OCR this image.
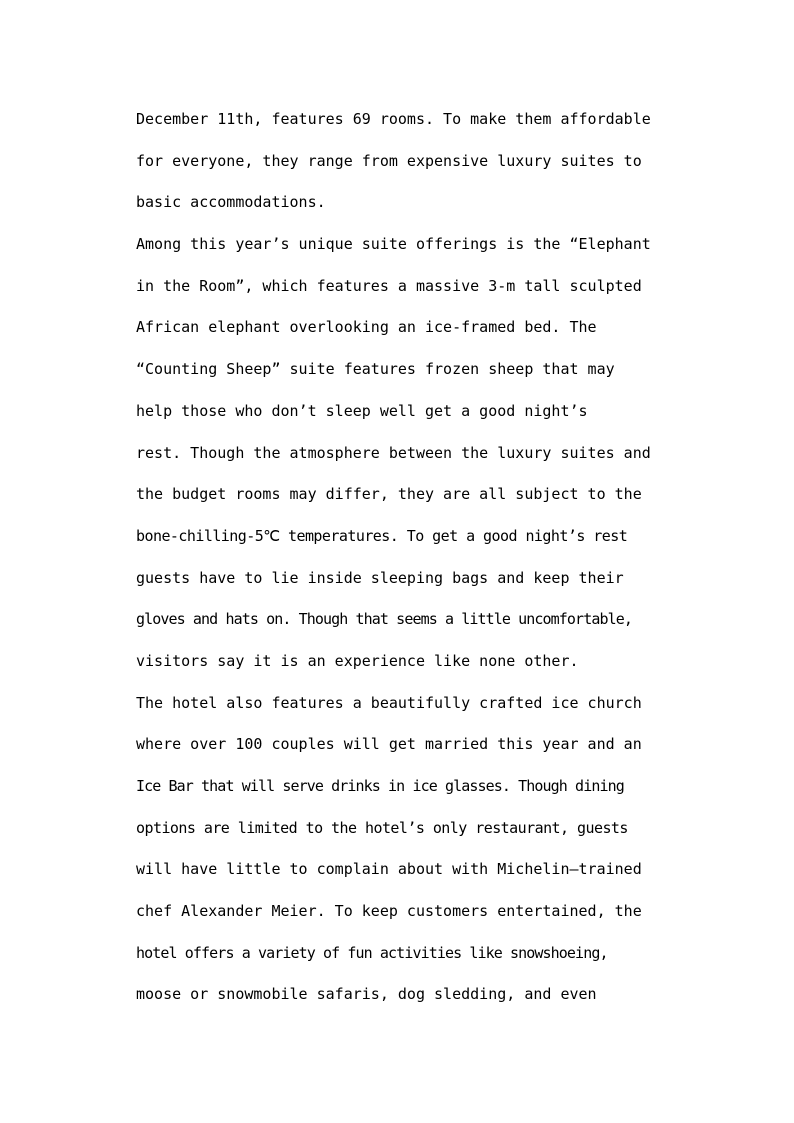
December 11th, features 69 rooms. To make them affordable
for everyone, they range from expensive luxury suites to
basic accommodations.
Among this year’s unique suite offerings is the “Elephant
in the Room”, which features a massive 3-m tall sculpted
African elephant overlooking an ice-framed bed. The
“Counting Sheep” suite features frozen sheep that may
help those who don’t sleep well get a good night’s
rest. Though the atmosphere between the luxury suites and
the budget rooms may differ, they are all subject to the
bone-chilling-5℃ temperatures. To get a good night’s rest
guests have to lie inside sleeping bags and keep their
gloves and hats on. Though that seems a little uncomfortable,
visitors say it is an experience like none other.
The hotel also features a beautifully crafted ice church
where over 100 couples will get married this year and an
Ice Bar that will serve drinks in ice glasses. Though dining
options are limited to the hotel’s only restaurant, guests
will have little to complain about with Michelin—trained
chef Alexander Meier. To keep customers entertained, the
hotel offers a variety of fun activities like snowshoeing,
moose or snowmobile safaris, dog sledding, and even
